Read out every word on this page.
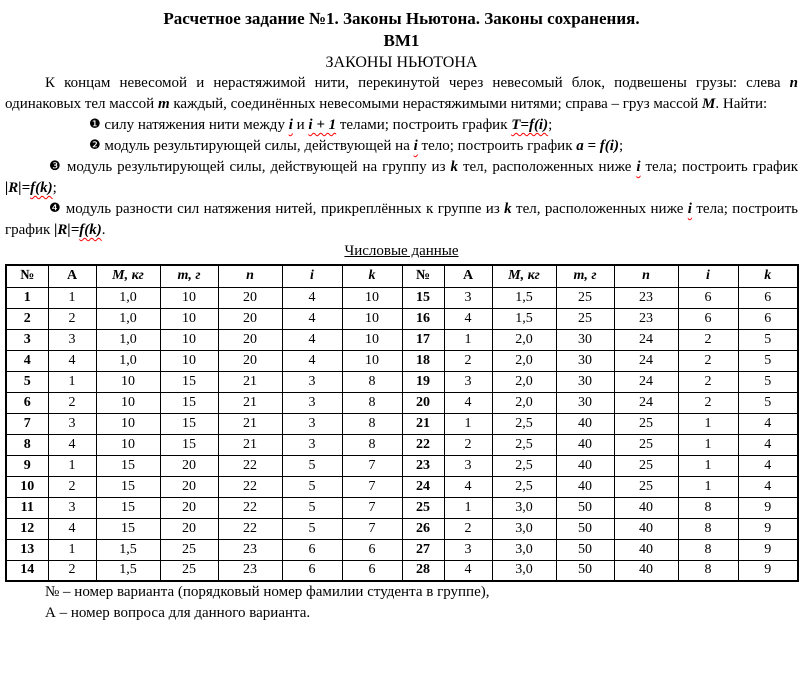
Расчетное задание №1. Законы Ньютона. Законы сохранения.
ВМ1
ЗАКОНЫ НЬЮТОНА

К концам невесомой и нерастяжимой нити, перекинутой через невесомый блок, подвешены грузы: слева n одинаковых тел массой m каждый, соединённых невесомыми нерастяжимыми нитями; справа – груз массой М. Найти:

❶ силу натяжения нити между i и i + 1 телами; построить график T=f(i);

❷ модуль результирующей силы, действующей на i тело; построить график a = f(i);

❸ модуль результирующей силы, действующей на группу из k тел, расположенных ниже i тела; построить график |R|=f(k);

❹ модуль разности сил натяжения нитей, прикреплённых к группе из k тел, расположенных ниже i тела; построить график |R|=f(k).

Числовые данные
№	А	М, кг	m, г	n	i	k	№	А	М, кг	m, г	n	i	k
1	1	1,0	10	20	4	10	15	3	1,5	25	23	6	6
2	2	1,0	10	20	4	10	16	4	1,5	25	23	6	6
3	3	1,0	10	20	4	10	17	1	2,0	30	24	2	5
4	4	1,0	10	20	4	10	18	2	2,0	30	24	2	5
5	1	10	15	21	3	8	19	3	2,0	30	24	2	5
6	2	10	15	21	3	8	20	4	2,0	30	24	2	5
7	3	10	15	21	3	8	21	1	2,5	40	25	1	4
8	4	10	15	21	3	8	22	2	2,5	40	25	1	4
9	1	15	20	22	5	7	23	3	2,5	40	25	1	4
10	2	15	20	22	5	7	24	4	2,5	40	25	1	4
11	3	15	20	22	5	7	25	1	3,0	50	40	8	9
12	4	15	20	22	5	7	26	2	3,0	50	40	8	9
13	1	1,5	25	23	6	6	27	3	3,0	50	40	8	9
14	2	1,5	25	23	6	6	28	4	3,0	50	40	8	9
№ – номер варианта (порядковый номер фамилии студента в группе),
А – номер вопроса для данного варианта.
